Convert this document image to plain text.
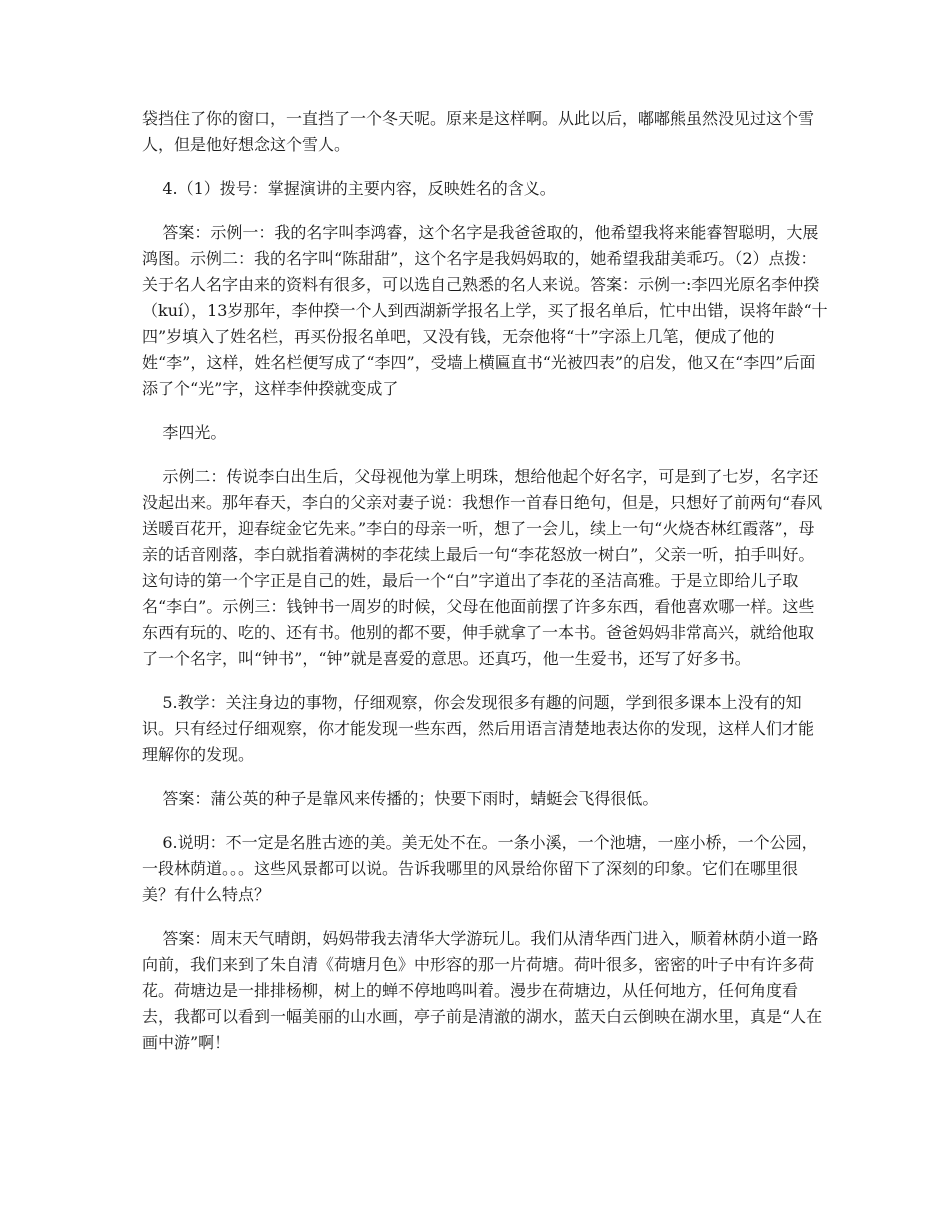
袋挡住了你的窗口，一直挡了一个冬天呢。原来是这样啊。从此以后，嘟嘟熊虽然没见过这个雪人，但是他好想念这个雪人。

4.（1）拨号：掌握演讲的主要内容，反映姓名的含义。

答案：示例一：我的名字叫李鸿睿，这个名字是我爸爸取的，他希望我将来能睿智聪明，大展鸿图。示例二：我的名字叫“陈甜甜”，这个名字是我妈妈取的，她希望我甜美乖巧。（2）点拨：关于名人名字由来的资料有很多，可以选自己熟悉的名人来说。答案：示例一:李四光原名李仲揆（kuí），13岁那年，李仲揆一个人到西湖新学报名上学，买了报名单后，忙中出错，误将年龄“十四”岁填入了姓名栏，再买份报名单吧，又没有钱，无奈他将“十”字添上几笔，便成了他的姓“李”，这样，姓名栏便写成了“李四”，受墙上横匾直书“光被四表”的启发，他又在“李四”后面添了个“光”字，这样李仲揆就变成了

李四光。

示例二：传说李白出生后，父母视他为掌上明珠，想给他起个好名字，可是到了七岁，名字还没起出来。那年春天，李白的父亲对妻子说：我想作一首春日绝句，但是，只想好了前两句“春风送暖百花开，迎春绽金它先来。”李白的母亲一听，想了一会儿，续上一句“火烧杏林红霞落”，母亲的话音刚落，李白就指着满树的李花续上最后一句“李花怒放一树白”，父亲一听，拍手叫好。这句诗的第一个字正是自己的姓，最后一个“白”字道出了李花的圣洁高雅。于是立即给儿子取名“李白”。示例三：钱钟书一周岁的时候，父母在他面前摆了许多东西，看他喜欢哪一样。这些东西有玩的、吃的、还有书。他别的都不要，伸手就拿了一本书。爸爸妈妈非常高兴，就给他取了一个名字，叫“钟书”，“钟”就是喜爱的意思。还真巧，他一生爱书，还写了好多书。

5.教学：关注身边的事物，仔细观察，你会发现很多有趣的问题，学到很多课本上没有的知识。只有经过仔细观察，你才能发现一些东西，然后用语言清楚地表达你的发现，这样人们才能理解你的发现。

答案：蒲公英的种子是靠风来传播的；快要下雨时，蜻蜓会飞得很低。

6.说明：不一定是名胜古迹的美。美无处不在。一条小溪，一个池塘，一座小桥，一个公园，一段林荫道。。。这些风景都可以说。告诉我哪里的风景给你留下了深刻的印象。它们在哪里很美？有什么特点？

答案：周末天气晴朗，妈妈带我去清华大学游玩儿。我们从清华西门进入，顺着林荫小道一路向前，我们来到了朱自清《荷塘月色》中形容的那一片荷塘。荷叶很多，密密的叶子中有许多荷花。荷塘边是一排排杨柳，树上的蝉不停地鸣叫着。漫步在荷塘边，从任何地方，任何角度看去，我都可以看到一幅美丽的山水画，亭子前是清澈的湖水，蓝天白云倒映在湖水里，真是“人在画中游”啊！
